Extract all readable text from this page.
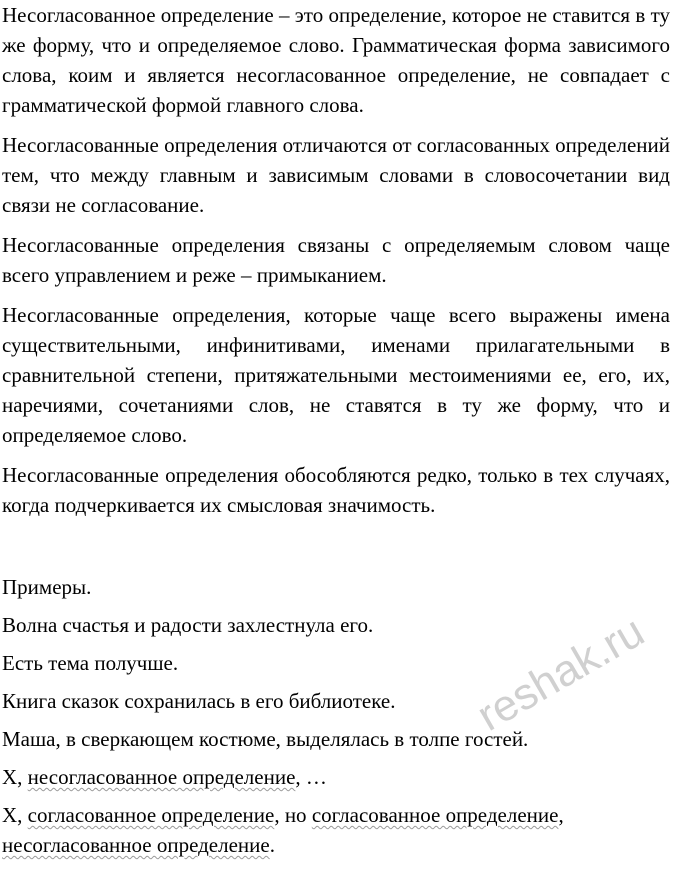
Несогласованное определение – это определение, которое не ставится в ту же форму, что и определяемое слово. Грамматическая форма зависимого слова, коим и является несогласованное определение, не совпадает с грамматической формой главного слова.

Несогласованные определения отличаются от согласованных определений тем, что между главным и зависимым словами в словосочетании вид связи не согласование.

Несогласованные определения связаны с определяемым словом чаще всего управлением и реже – примыканием.

Несогласованные определения, которые чаще всего выражены имена существительными, инфинитивами, именами прилагательными в сравнительной степени, притяжательными местоимениями ее, его, их, наречиями, сочетаниями слов, не ставятся в ту же форму, что и определяемое слово.

Несогласованные определения обособляются редко, только в тех случаях, когда подчеркивается их смысловая значимость.

Примеры.

Волна счастья и радости захлестнула его.

Есть тема получше.

Книга сказок сохранилась в его библиотеке.

Маша, в сверкающем костюме, выделялась в толпе гостей.

Х, несогласованное определение, …

Х, согласованное определение, но согласованное определение,

несогласованное определение.

reshak.ru
